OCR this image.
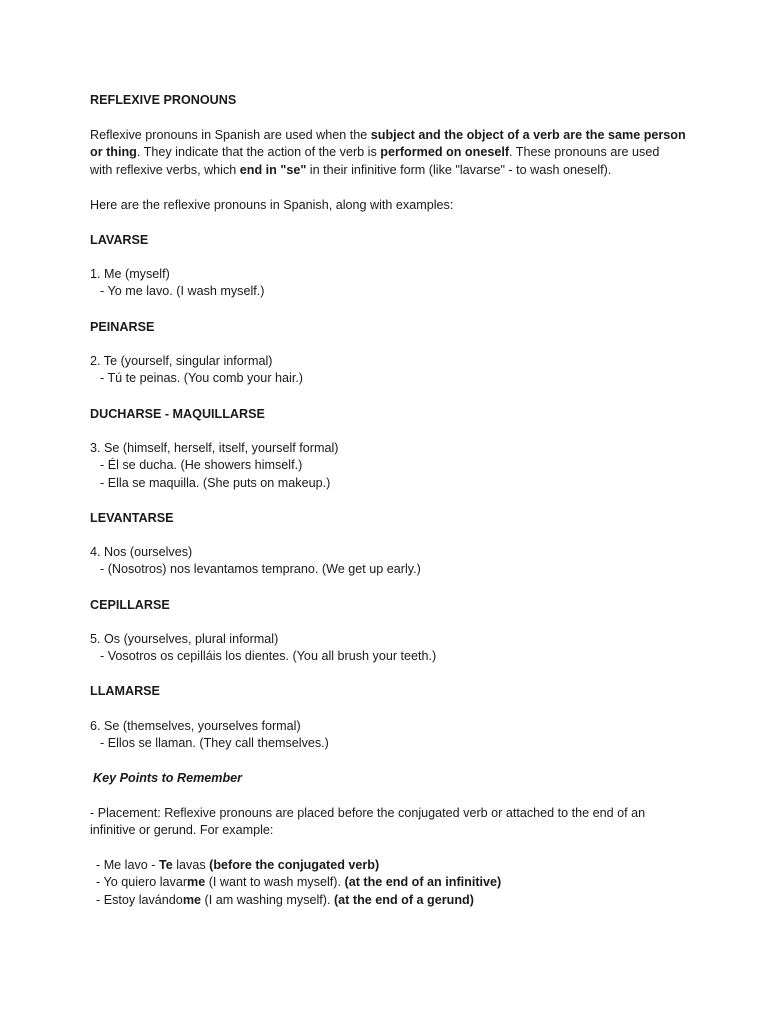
REFLEXIVE PRONOUNS
Reflexive pronouns in Spanish are used when the subject and the object of a verb are the same person
or thing. They indicate that the action of the verb is performed on oneself. These pronouns are used
with reflexive verbs, which end in "se" in their infinitive form (like "lavarse" - to wash oneself).
Here are the reflexive pronouns in Spanish, along with examples:
LAVARSE
1. Me (myself)
- Yo me lavo. (I wash myself.)
PEINARSE
2. Te (yourself, singular informal)
- Tú te peinas. (You comb your hair.)
DUCHARSE - MAQUILLARSE
3. Se (himself, herself, itself, yourself formal)
- Él se ducha. (He showers himself.)
- Ella se maquilla. (She puts on makeup.)
LEVANTARSE
4. Nos (ourselves)
- (Nosotros) nos levantamos temprano. (We get up early.)
CEPILLARSE
5. Os (yourselves, plural informal)
- Vosotros os cepilláis los dientes. (You all brush your teeth.)
LLAMARSE
6. Se (themselves, yourselves formal)
- Ellos se llaman. (They call themselves.)
Key Points to Remember
- Placement: Reflexive pronouns are placed before the conjugated verb or attached to the end of an
infinitive or gerund. For example:
- Me lavo - Te lavas (before the conjugated verb)
- Yo quiero lavarme (I want to wash myself). (at the end of an infinitive)
- Estoy lavándome (I am washing myself). (at the end of a gerund)
